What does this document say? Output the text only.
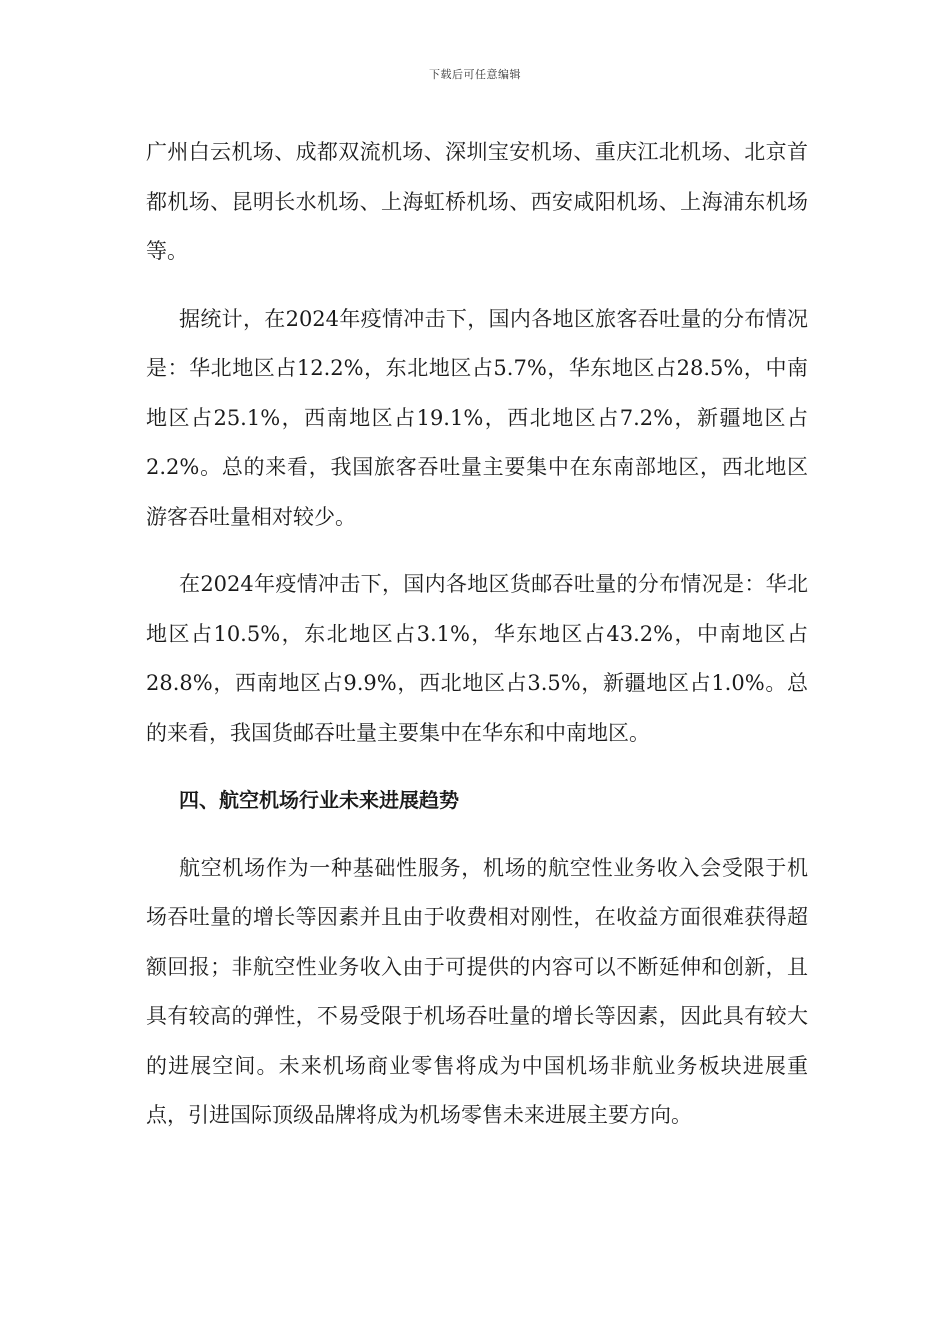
下载后可任意编辑

广州白云机场、成都双流机场、深圳宝安机场、重庆江北机场、北京首都机场、昆明长水机场、上海虹桥机场、西安咸阳机场、上海浦东机场等。

据统计，在2024年疫情冲击下，国内各地区旅客吞吐量的分布情况是：华北地区占12.2%，东北地区占5.7%，华东地区占28.5%，中南地区占25.1%，西南地区占19.1%，西北地区占7.2%，新疆地区占2.2%。总的来看，我国旅客吞吐量主要集中在东南部地区，西北地区游客吞吐量相对较少。

在2024年疫情冲击下，国内各地区货邮吞吐量的分布情况是：华北地区占10.5%，东北地区占3.1%，华东地区占43.2%，中南地区占28.8%，西南地区占9.9%，西北地区占3.5%，新疆地区占1.0%。总的来看，我国货邮吞吐量主要集中在华东和中南地区。

四、航空机场行业未来进展趋势

航空机场作为一种基础性服务，机场的航空性业务收入会受限于机场吞吐量的增长等因素并且由于收费相对刚性，在收益方面很难获得超额回报；非航空性业务收入由于可提供的内容可以不断延伸和创新，且具有较高的弹性，不易受限于机场吞吐量的增长等因素，因此具有较大的进展空间。未来机场商业零售将成为中国机场非航业务板块进展重点，引进国际顶级品牌将成为机场零售未来进展主要方向。
